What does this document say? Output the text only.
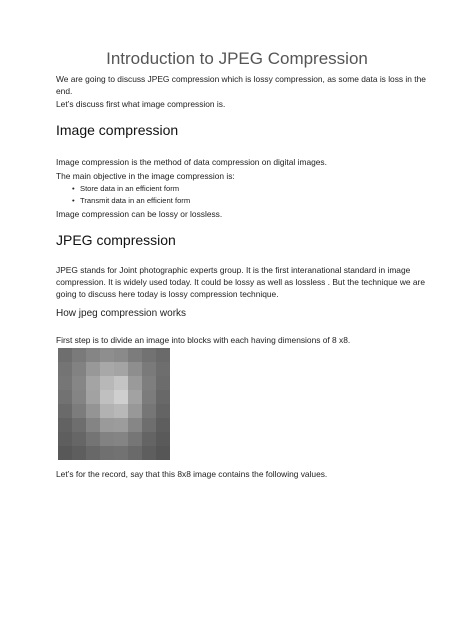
Introduction to JPEG Compression

We are going to discuss JPEG compression which is lossy compression, as some data is loss in the end.

Let’s discuss first what image compression is.

Image compression

Image compression is the method of data compression on digital images.

The main objective in the image compression is:

• Store data in an efficient form

• Transmit data in an efficient form

Image compression can be lossy or lossless.

JPEG compression

JPEG stands for Joint photographic experts group. It is the first interanational standard in image compression. It is widely used today. It could be lossy as well as lossless . But the technique we are going to discuss here today is lossy compression technique.

How jpeg compression works

First step is to divide an image into blocks with each having dimensions of 8 x8.

Let’s for the record, say that this 8x8 image contains the following values.
